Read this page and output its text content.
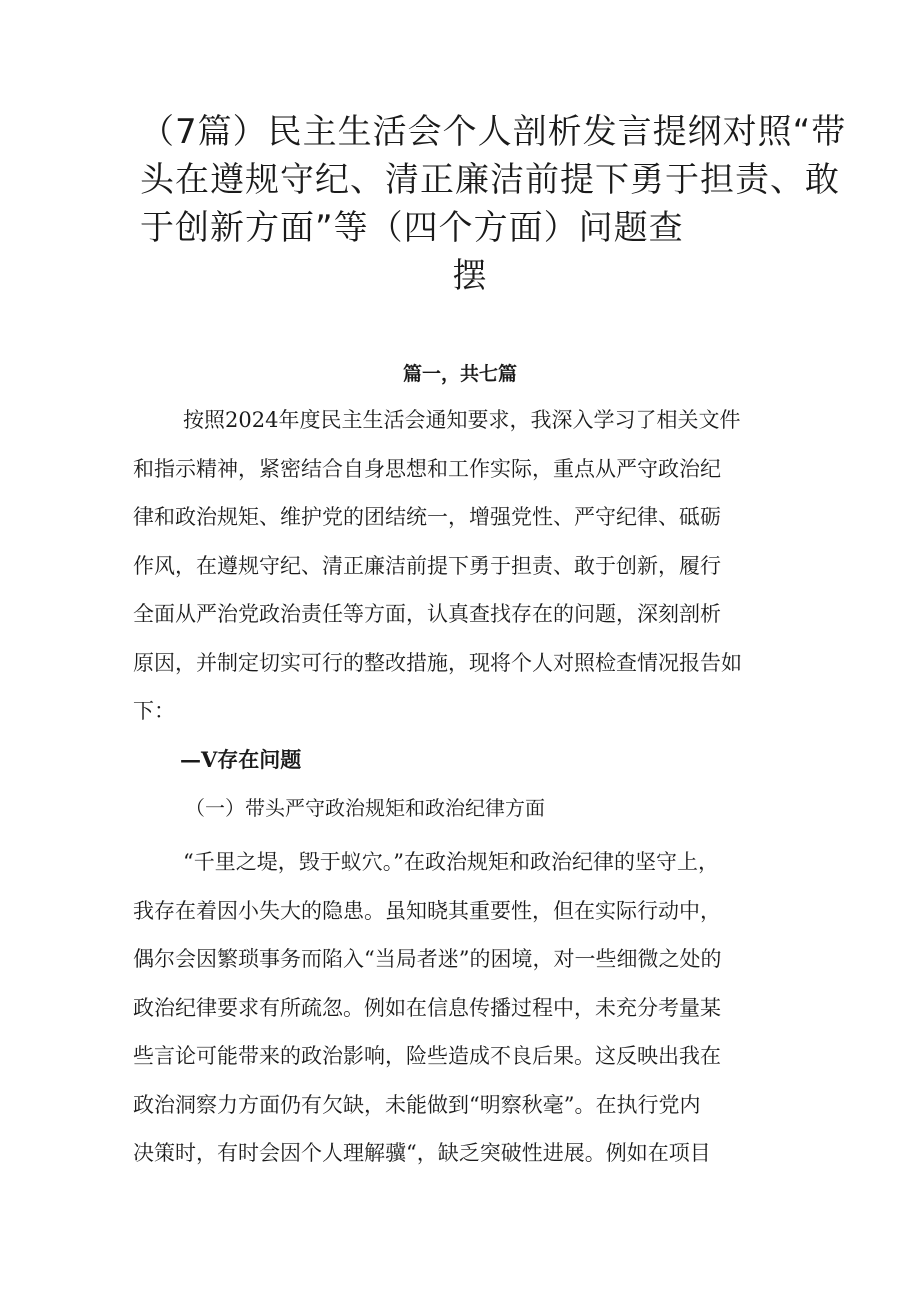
（7篇）民主生活会个人剖析发言提纲对照“带
头在遵规守纪、清正廉洁前提下勇于担责、敢
于创新方面”等（四个方面）问题查
摆
篇一，共七篇
按照2024年度民主生活会通知要求，我深入学习了相关文件
和指示精神，紧密结合自身思想和工作实际，重点从严守政治纪
律和政治规矩、维护党的团结统一，增强党性、严守纪律、砥砺
作风，在遵规守纪、清正廉洁前提下勇于担责、敢于创新，履行
全面从严治党政治责任等方面，认真查找存在的问题，深刻剖析
原因，并制定切实可行的整改措施，现将个人对照检查情况报告如
下：
—V存在问题
（一）带头严守政治规矩和政治纪律方面
“千里之堤，毁于蚁穴。”在政治规矩和政治纪律的坚守上，
我存在着因小失大的隐患。虽知晓其重要性，但在实际行动中，
偶尔会因繁琐事务而陷入“当局者迷”的困境，对一些细微之处的
政治纪律要求有所疏忽。例如在信息传播过程中，未充分考量某
些言论可能带来的政治影响，险些造成不良后果。这反映出我在
政治洞察力方面仍有欠缺，未能做到“明察秋毫”。在执行党内
决策时，有时会因个人理解骥“，缺乏突破性进展。例如在项目
